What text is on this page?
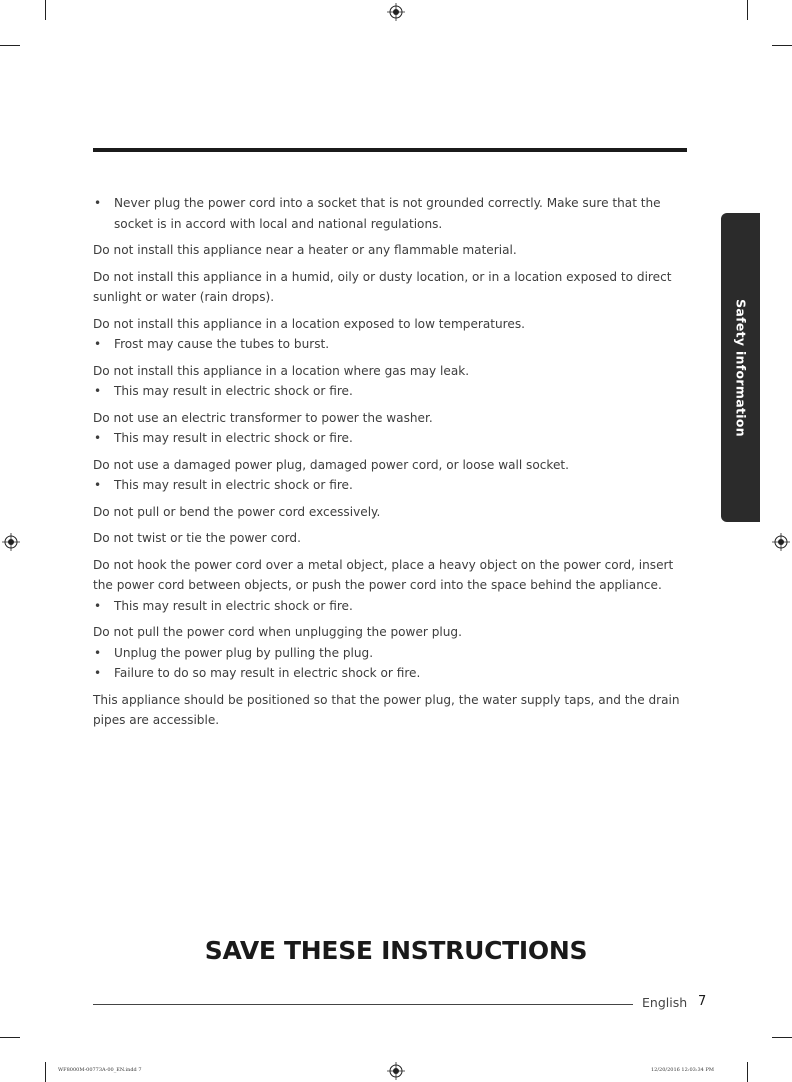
• Never plug the power cord into a socket that is not grounded correctly. Make sure that the socket is in accord with local and national regulations.

Do not install this appliance near a heater or any flammable material.

Do not install this appliance in a humid, oily or dusty location, or in a location exposed to direct sunlight or water (rain drops).

Do not install this appliance in a location exposed to low temperatures.

• Frost may cause the tubes to burst.

Do not install this appliance in a location where gas may leak.

• This may result in electric shock or fire.

Do not use an electric transformer to power the washer.

• This may result in electric shock or fire.

Do not use a damaged power plug, damaged power cord, or loose wall socket.

• This may result in electric shock or fire.

Do not pull or bend the power cord excessively.

Do not twist or tie the power cord.

Do not hook the power cord over a metal object, place a heavy object on the power cord, insert the power cord between objects, or push the power cord into the space behind the appliance.

• This may result in electric shock or fire.

Do not pull the power cord when unplugging the power plug.

• Unplug the power plug by pulling the plug.

• Failure to do so may result in electric shock or fire.

This appliance should be positioned so that the power plug, the water supply taps, and the drain pipes are accessible.

Safety information
SAVE THESE INSTRUCTIONS
English 7
WF8000M-00773A-00_EN.indd 7	12/20/2016 12:03:34 PM
